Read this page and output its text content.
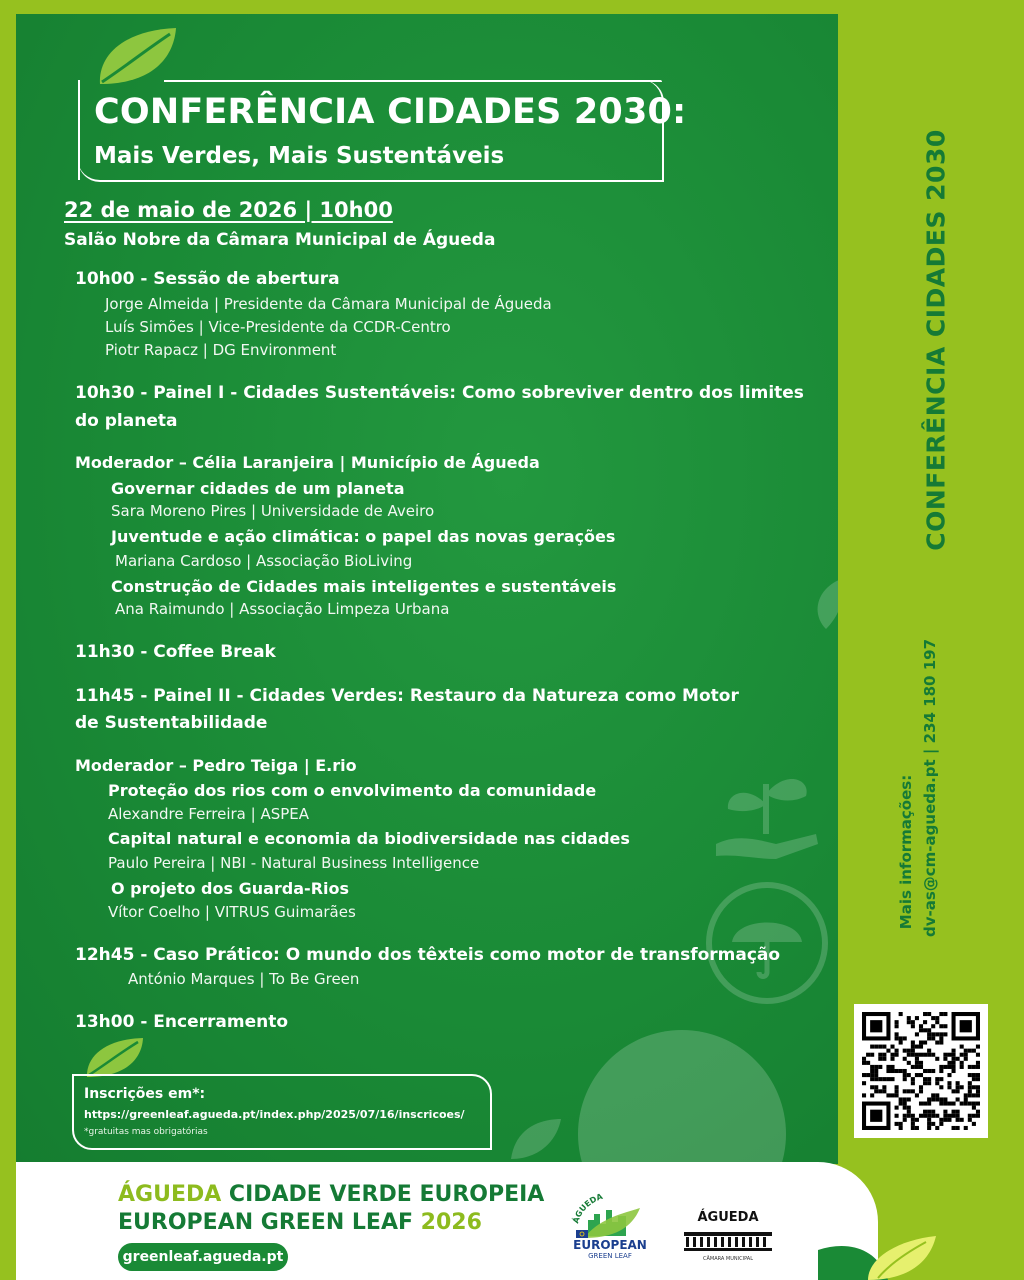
CONFERÊNCIA CIDADES 2030:
Mais Verdes, Mais Sustentáveis
22 de maio de 2026 | 10h00
Salão Nobre da Câmara Municipal de Águeda
10h00 - Sessão de abertura
Jorge Almeida | Presidente da Câmara Municipal de Águeda
Luís Simões | Vice-Presidente da CCDR-Centro
Piotr Rapacz | DG Environment
10h30 - Painel I - Cidades Sustentáveis: Como sobreviver dentro dos limites
do planeta
Moderador – Célia Laranjeira | Município de Águeda
Governar cidades de um planeta
Sara Moreno Pires | Universidade de Aveiro
Juventude e ação climática: o papel das novas gerações
Mariana Cardoso | Associação BioLiving
Construção de Cidades mais inteligentes e sustentáveis
Ana Raimundo | Associação Limpeza Urbana
11h30 - Coffee Break
11h45 - Painel II - Cidades Verdes: Restauro da Natureza como Motor
de Sustentabilidade
Moderador – Pedro Teiga | E.rio
Proteção dos rios com o envolvimento da comunidade
Alexandre Ferreira | ASPEA
Capital natural e economia da biodiversidade nas cidades
Paulo Pereira | NBI - Natural Business Intelligence
O projeto dos Guarda-Rios
Vítor Coelho | VITRUS Guimarães
12h45 - Caso Prático: O mundo dos têxteis como motor de transformação
António Marques | To Be Green
13h00 - Encerramento
Inscrições em*:
https://greenleaf.agueda.pt/index.php/2025/07/16/inscricoes/
*gratuitas mas obrigatórias
CONFERÊNCIA CIDADES 2030
Mais informações: dv-as@cm-agueda.pt | 234 180 197
ÁGUEDA CIDADE VERDE EUROPEIA
EUROPEAN GREEN LEAF 2026
greenleaf.agueda.pt
ÁGUEDA
EUROPEAN
GREEN LEAF
ÁGUEDA
CÂMARA MUNICIPAL
